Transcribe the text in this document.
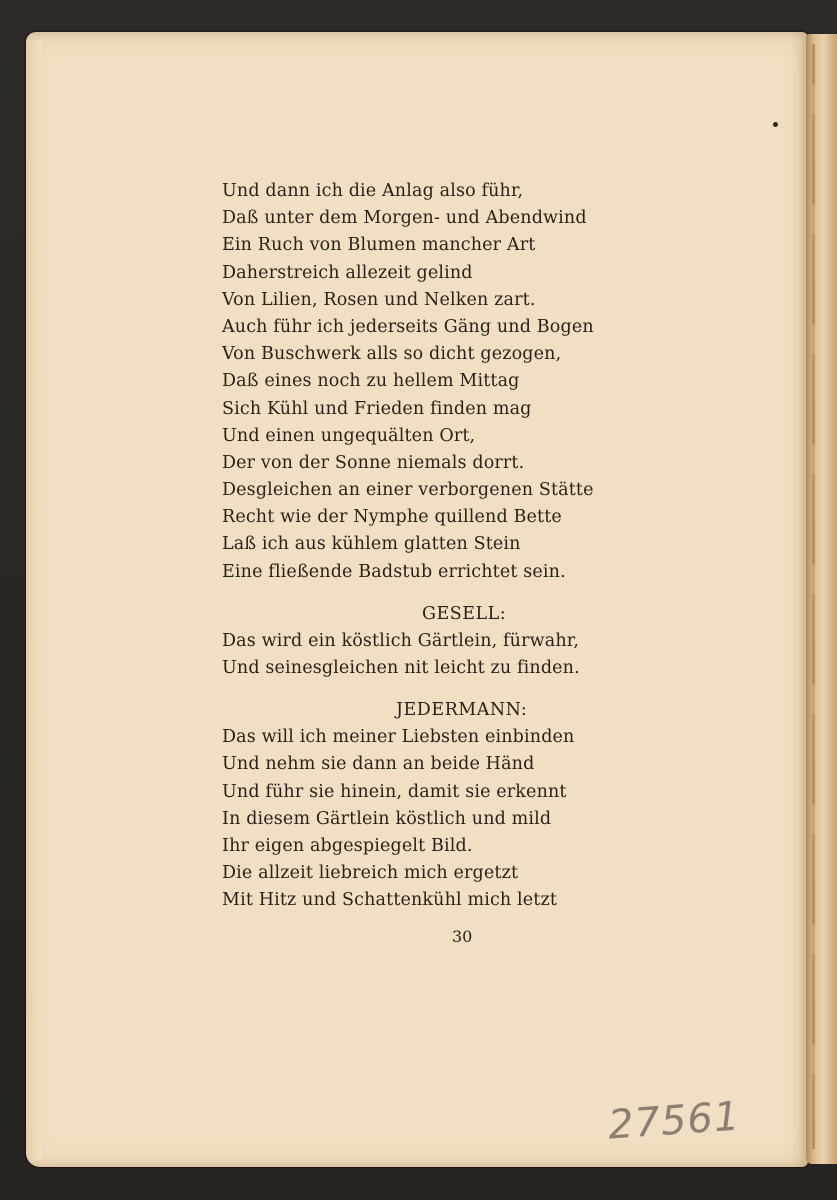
Und dann ich die Anlag also führ,
Daß unter dem Morgen- und Abendwind
Ein Ruch von Blumen mancher Art
Daherstreich allezeit gelind
Von Lilien, Rosen und Nelken zart.
Auch führ ich jederseits Gäng und Bogen
Von Buschwerk alls so dicht gezogen,
Daß eines noch zu hellem Mittag
Sich Kühl und Frieden finden mag
Und einen ungequälten Ort,
Der von der Sonne niemals dorrt.
Desgleichen an einer verborgenen Stätte
Recht wie der Nymphe quillend Bette
Laß ich aus kühlem glatten Stein
Eine fließende Badstub errichtet sein.
GESELL:
Das wird ein köstlich Gärtlein, fürwahr,
Und seinesgleichen nit leicht zu finden.
JEDERMANN:
Das will ich meiner Liebsten einbinden
Und nehm sie dann an beide Händ
Und führ sie hinein, damit sie erkennt
In diesem Gärtlein köstlich und mild
Ihr eigen abgespiegelt Bild.
Die allzeit liebreich mich ergetzt
Mit Hitz und Schattenkühl mich letzt
30
27561
